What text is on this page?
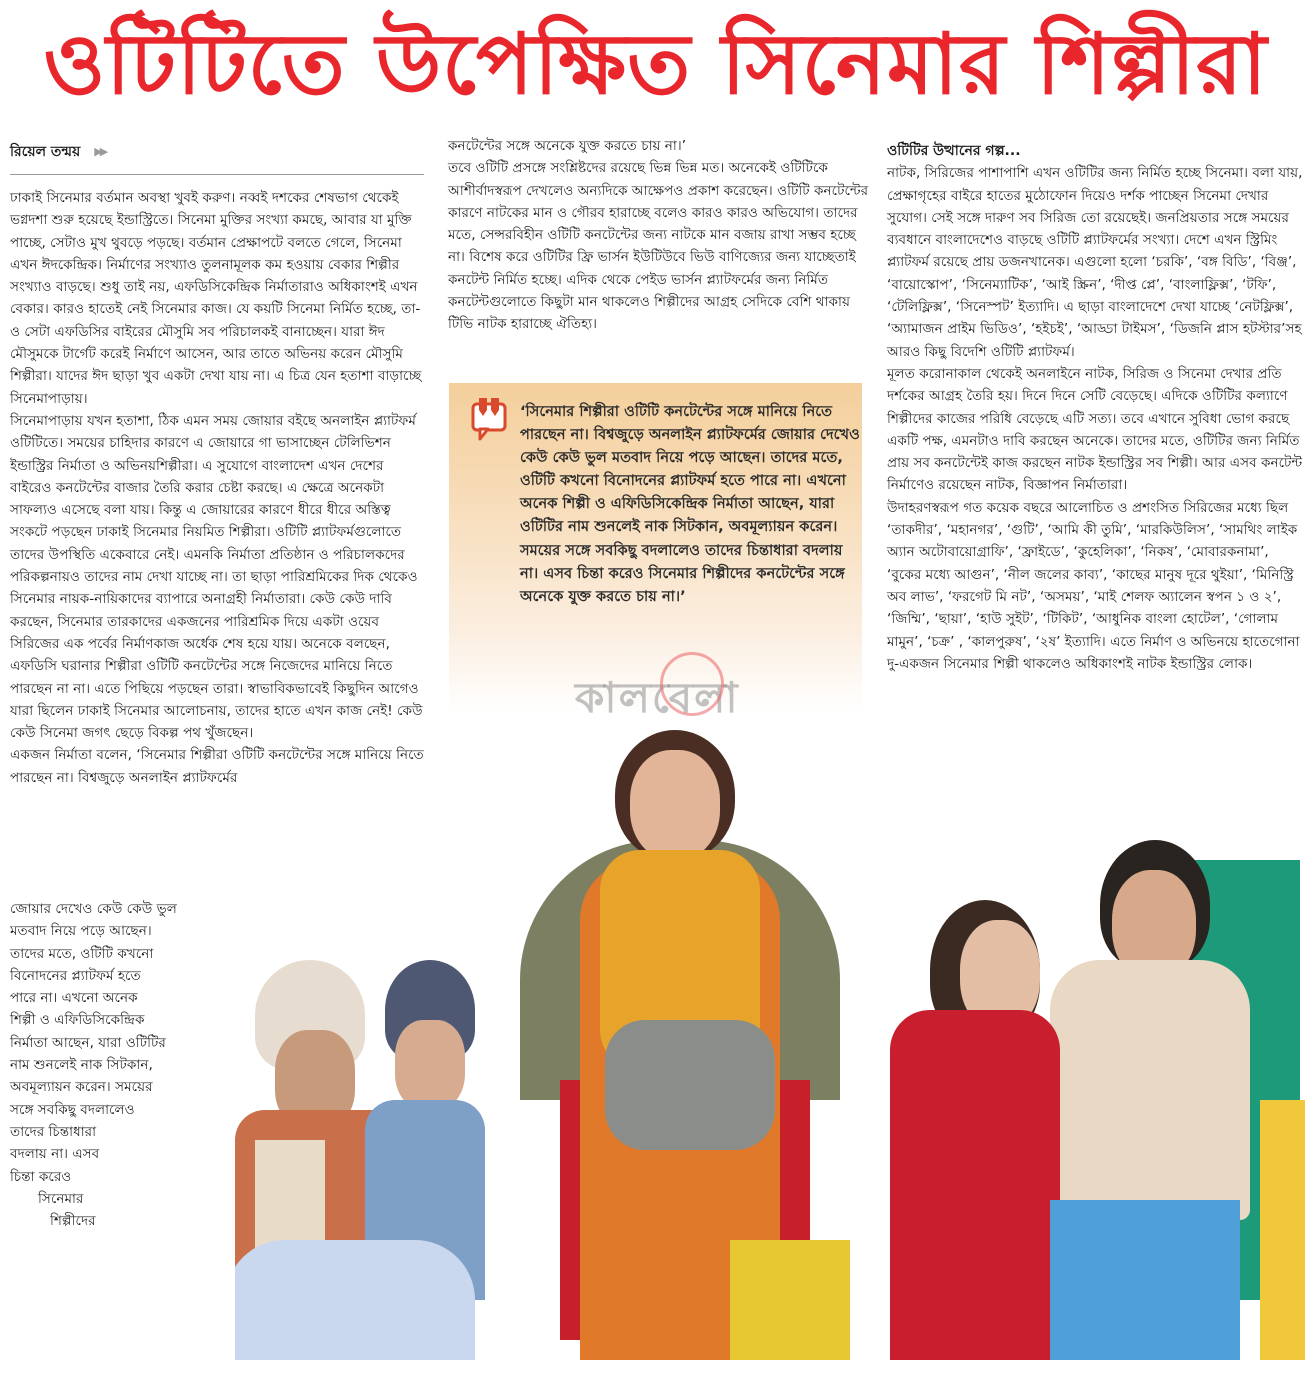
ওটিটিতে উপেক্ষিত সিনেমার শিল্পীরা
রিয়েল তন্ময় ▶▶

ঢাকাই সিনেমার বর্তমান অবস্থা খুবই করুণ। নব্বই দশকের শেষভাগ থেকেই ভগ্নদশা শুরু হয়েছে ইন্ডাস্ট্রিতে। সিনেমা মুক্তির সংখ্যা কমছে, আবার যা মুক্তি পাচ্ছে, সেটাও মুখ থুবড়ে পড়ছে। বর্তমান প্রেক্ষাপটে বলতে গেলে, সিনেমা এখন ঈদকেন্দ্রিক। নির্মাণের সংখ্যাও তুলনামূলক কম হওয়ায় বেকার শিল্পীর সংখ্যাও বাড়ছে। শুধু তাই নয়, এফডিসিকেন্দ্রিক নির্মাতারাও অধিকাংশই এখন বেকার। কারও হাতেই নেই সিনেমার কাজ। যে কয়টি সিনেমা নির্মিত হচ্ছে, তা-ও সেটা এফডিসির বাইরের মৌসুমি সব পরিচালকই বানাচ্ছেন। যারা ঈদ মৌসুমকে টার্গেট করেই নির্মাণে আসেন, আর তাতে অভিনয় করেন মৌসুমি শিল্পীরা। যাদের ঈদ ছাড়া খুব একটা দেখা যায় না। এ চিত্র যেন হতাশা বাড়াচ্ছে সিনেমাপাড়ায়।

সিনেমাপাড়ায় যখন হতাশা, ঠিক এমন সময় জোয়ার বইছে অনলাইন প্ল্যাটফর্ম ওটিটিতে। সময়ের চাহিদার কারণে এ জোয়ারে গা ভাসাচ্ছেন টেলিভিশন ইন্ডাস্ট্রির নির্মাতা ও অভিনয়শিল্পীরা। এ সুযোগে বাংলাদেশ এখন দেশের বাইরেও কনটেন্টের বাজার তৈরি করার চেষ্টা করছে। এ ক্ষেত্রে অনেকটা সাফল্যও এসেছে বলা যায়। কিন্তু এ জোয়ারের কারণে ধীরে ধীরে অস্তিত্ব সংকটে পড়ছেন ঢাকাই সিনেমার নিয়মিত শিল্পীরা। ওটিটি প্ল্যাটফর্মগুলোতে তাদের উপস্থিতি একেবারে নেই। এমনকি নির্মাতা প্রতিষ্ঠান ও পরিচালকদের পরিকল্পনায়ও তাদের নাম দেখা যাচ্ছে না। তা ছাড়া পারিশ্রমিকের দিক থেকেও সিনেমার নায়ক-নায়িকাদের ব্যাপারে অনাগ্রহী নির্মাতারা। কেউ কেউ দাবি করছেন, সিনেমার তারকাদের একজনের পারিশ্রমিক দিয়ে একটা ওয়েব সিরিজের এক পর্বের নির্মাণকাজ অর্ধেক শেষ হয়ে যায়। অনেকে বলছেন, এফডিসি ঘরানার শিল্পীরা ওটিটি কনটেন্টের সঙ্গে নিজেদের মানিয়ে নিতে পারছেন না না। এতে পিছিয়ে পড়ছেন তারা। স্বাভাবিকভাবেই কিছুদিন আগেও যারা ছিলেন ঢাকাই সিনেমার আলোচনায়, তাদের হাতে এখন কাজ নেই! কেউ কেউ সিনেমা জগৎ ছেড়ে বিকল্প পথ খুঁজছেন।

একজন নির্মাতা বলেন, ‘সিনেমার শিল্পীরা ওটিটি কনটেন্টের সঙ্গে মানিয়ে নিতে পারছেন না। বিশ্বজুড়ে অনলাইন প্ল্যাটফর্মের

জোয়ার দেখেও কেউ কেউ ভুল
মতবাদ নিয়ে পড়ে আছেন।
তাদের মতে, ওটিটি কখনো
বিনোদনের প্ল্যাটফর্ম হতে
পারে না। এখনো অনেক
শিল্পী ও এফিডিসিকেন্দ্রিক
নির্মাতা আছেন, যারা ওটিটির
নাম শুনলেই নাক সিটকান,
অবমূল্যায়ন করেন। সময়ের
সঙ্গে সবকিছু বদলালেও
তাদের চিন্তাধারা
বদলায় না। এসব
চিন্তা করেও
সিনেমার
শিল্পীদের

কনটেন্টের সঙ্গে অনেকে যুক্ত করতে চায় না।’

তবে ওটিটি প্রসঙ্গে সংশ্লিষ্টদের রয়েছে ভিন্ন ভিন্ন মত। অনেকেই ওটিটিকে আশীর্বাদস্বরূপ দেখলেও অন্যদিকে আক্ষেপও প্রকাশ করেছেন। ওটিটি কনটেন্টের কারণে নাটকের মান ও গৌরব হারাচ্ছে বলেও কারও কারও অভিযোগ। তাদের মতে, সেন্সরবিহীন ওটিটি কনটেন্টের জন্য নাটকে মান বজায় রাখা সম্ভব হচ্ছে না। বিশেষ করে ওটিটির ফ্রি ভার্সন ইউটিউবে ভিউ বাণিজ্যের জন্য যাচ্ছেতাই কনটেন্ট নির্মিত হচ্ছে। এদিক থেকে পেইড ভার্সন প্ল্যাটফর্মের জন্য নির্মিত কনটেন্টগুলোতে কিছুটা মান থাকলেও শিল্পীদের আগ্রহ সেদিকে বেশি থাকায় টিভি নাটক হারাচ্ছে ঐতিহ্য।

‘সিনেমার শিল্পীরা ওটিটি কনটেন্টের সঙ্গে মানিয়ে নিতে পারছেন না। বিশ্বজুড়ে অনলাইন প্ল্যাটফর্মের জোয়ার দেখেও কেউ কেউ ভুল মতবাদ নিয়ে পড়ে আছেন। তাদের মতে, ওটিটি কখনো বিনোদনের প্ল্যাটফর্ম হতে পারে না। এখনো অনেক শিল্পী ও এফিডিসিকেন্দ্রিক নির্মাতা আছেন, যারা ওটিটির নাম শুনলেই নাক সিটকান, অবমূল্যায়ন করেন। সময়ের সঙ্গে সবকিছু বদলালেও তাদের চিন্তাধারা বদলায় না। এসব চিন্তা করেও সিনেমার শিল্পীদের কনটেন্টের সঙ্গে অনেকে যুক্ত করতে চায় না।’

কালবেলা

ওটিটির উত্থানের গল্প...

নাটক, সিরিজের পাশাপাশি এখন ওটিটির জন্য নির্মিত হচ্ছে সিনেমা। বলা যায়, প্রেক্ষাগৃহের বাইরে হাতের মুঠোফোন দিয়েও দর্শক পাচ্ছেন সিনেমা দেখার সুযোগ। সেই সঙ্গে দারুণ সব সিরিজ তো রয়েছেই। জনপ্রিয়তার সঙ্গে সময়ের ব্যবধানে বাংলাদেশেও বাড়ছে ওটিটি প্ল্যাটফর্মের সংখ্যা। দেশে এখন স্ট্রিমিং প্ল্যাটফর্ম রয়েছে প্রায় ডজনখানেক। এগুলো হলো ‘চরকি’, ‘বঙ্গ বিডি’, ‘বিঞ্জ’, ‘বায়োস্কোপ’, ‘সিনেম্যাটিক’, ‘আই স্ক্রিন’, ‘দীপ্ত প্লে’, ‘বাংলাফ্লিক্স’, ‘টফি’, ‘টেলিফ্লিক্স’, ‘সিনেস্পট’ ইত্যাদি। এ ছাড়া বাংলাদেশে দেখা যাচ্ছে ‘নেটফ্লিক্স’, ‘অ্যামাজন প্রাইম ভিডিও’, ‘হইচই’, ‘আড্ডা টাইমস’, ‘ডিজনি প্লাস হটস্টার’সহ আরও কিছু বিদেশি ওটিটি প্ল্যাটফর্ম।

মূলত করোনাকাল থেকেই অনলাইনে নাটক, সিরিজ ও সিনেমা দেখার প্রতি দর্শকের আগ্রহ তৈরি হয়। দিনে দিনে সেটি বেড়েছে। এদিকে ওটিটির কল্যাণে শিল্পীদের কাজের পরিধি বেড়েছে এটি সত্য। তবে এখানে সুবিধা ভোগ করছে একটি পক্ষ, এমনটাও দাবি করছেন অনেকে। তাদের মতে, ওটিটির জন্য নির্মিত প্রায় সব কনটেন্টেই কাজ করছেন নাটক ইন্ডাস্ট্রির সব শিল্পী। আর এসব কনটেন্ট নির্মাণেও রয়েছেন নাটক, বিজ্ঞাপন নির্মাতারা।

উদাহরণস্বরূপ গত কয়েক বছরে আলোচিত ও প্রশংসিত সিরিজের মধ্যে ছিল ‘তাকদীর’, ‘মহানগর’, ‘গুটি’, ‘আমি কী তুমি’, ‘মারকিউলিস’, ‘সামথিং লাইক অ্যান অটোবায়োগ্রাফি’, ‘ফ্রাইডে’, ‘কুহেলিকা’, ‘নিকষ’, ‘মোবারকনামা’, ‘বুকের মধ্যে আগুন’, ‘নীল জলের কাব্য’, ‘কাছের মানুষ দূরে থুইয়া’, ‘মিনিস্ট্রি অব লাভ’, ‘ফরগেট মি নট’, ‘অসময়’, ‘মাই শেলফ অ্যালেন স্বপন ১ ও ২’, ‘জিম্মি’, ‘ছায়া’, ‘হাউ সুইট’, ‘টিকিট’, ‘আধুনিক বাংলা হোটেল’, ‘গোলাম মামুন’, ‘চক্র’ , ‘কালপুরুষ’, ‘২ষ’ ইত্যাদি। এতে নির্মাণ ও অভিনয়ে হাতেগোনা দু-একজন সিনেমার শিল্পী থাকলেও অধিকাংশই নাটক ইন্ডাস্ট্রির লোক।
